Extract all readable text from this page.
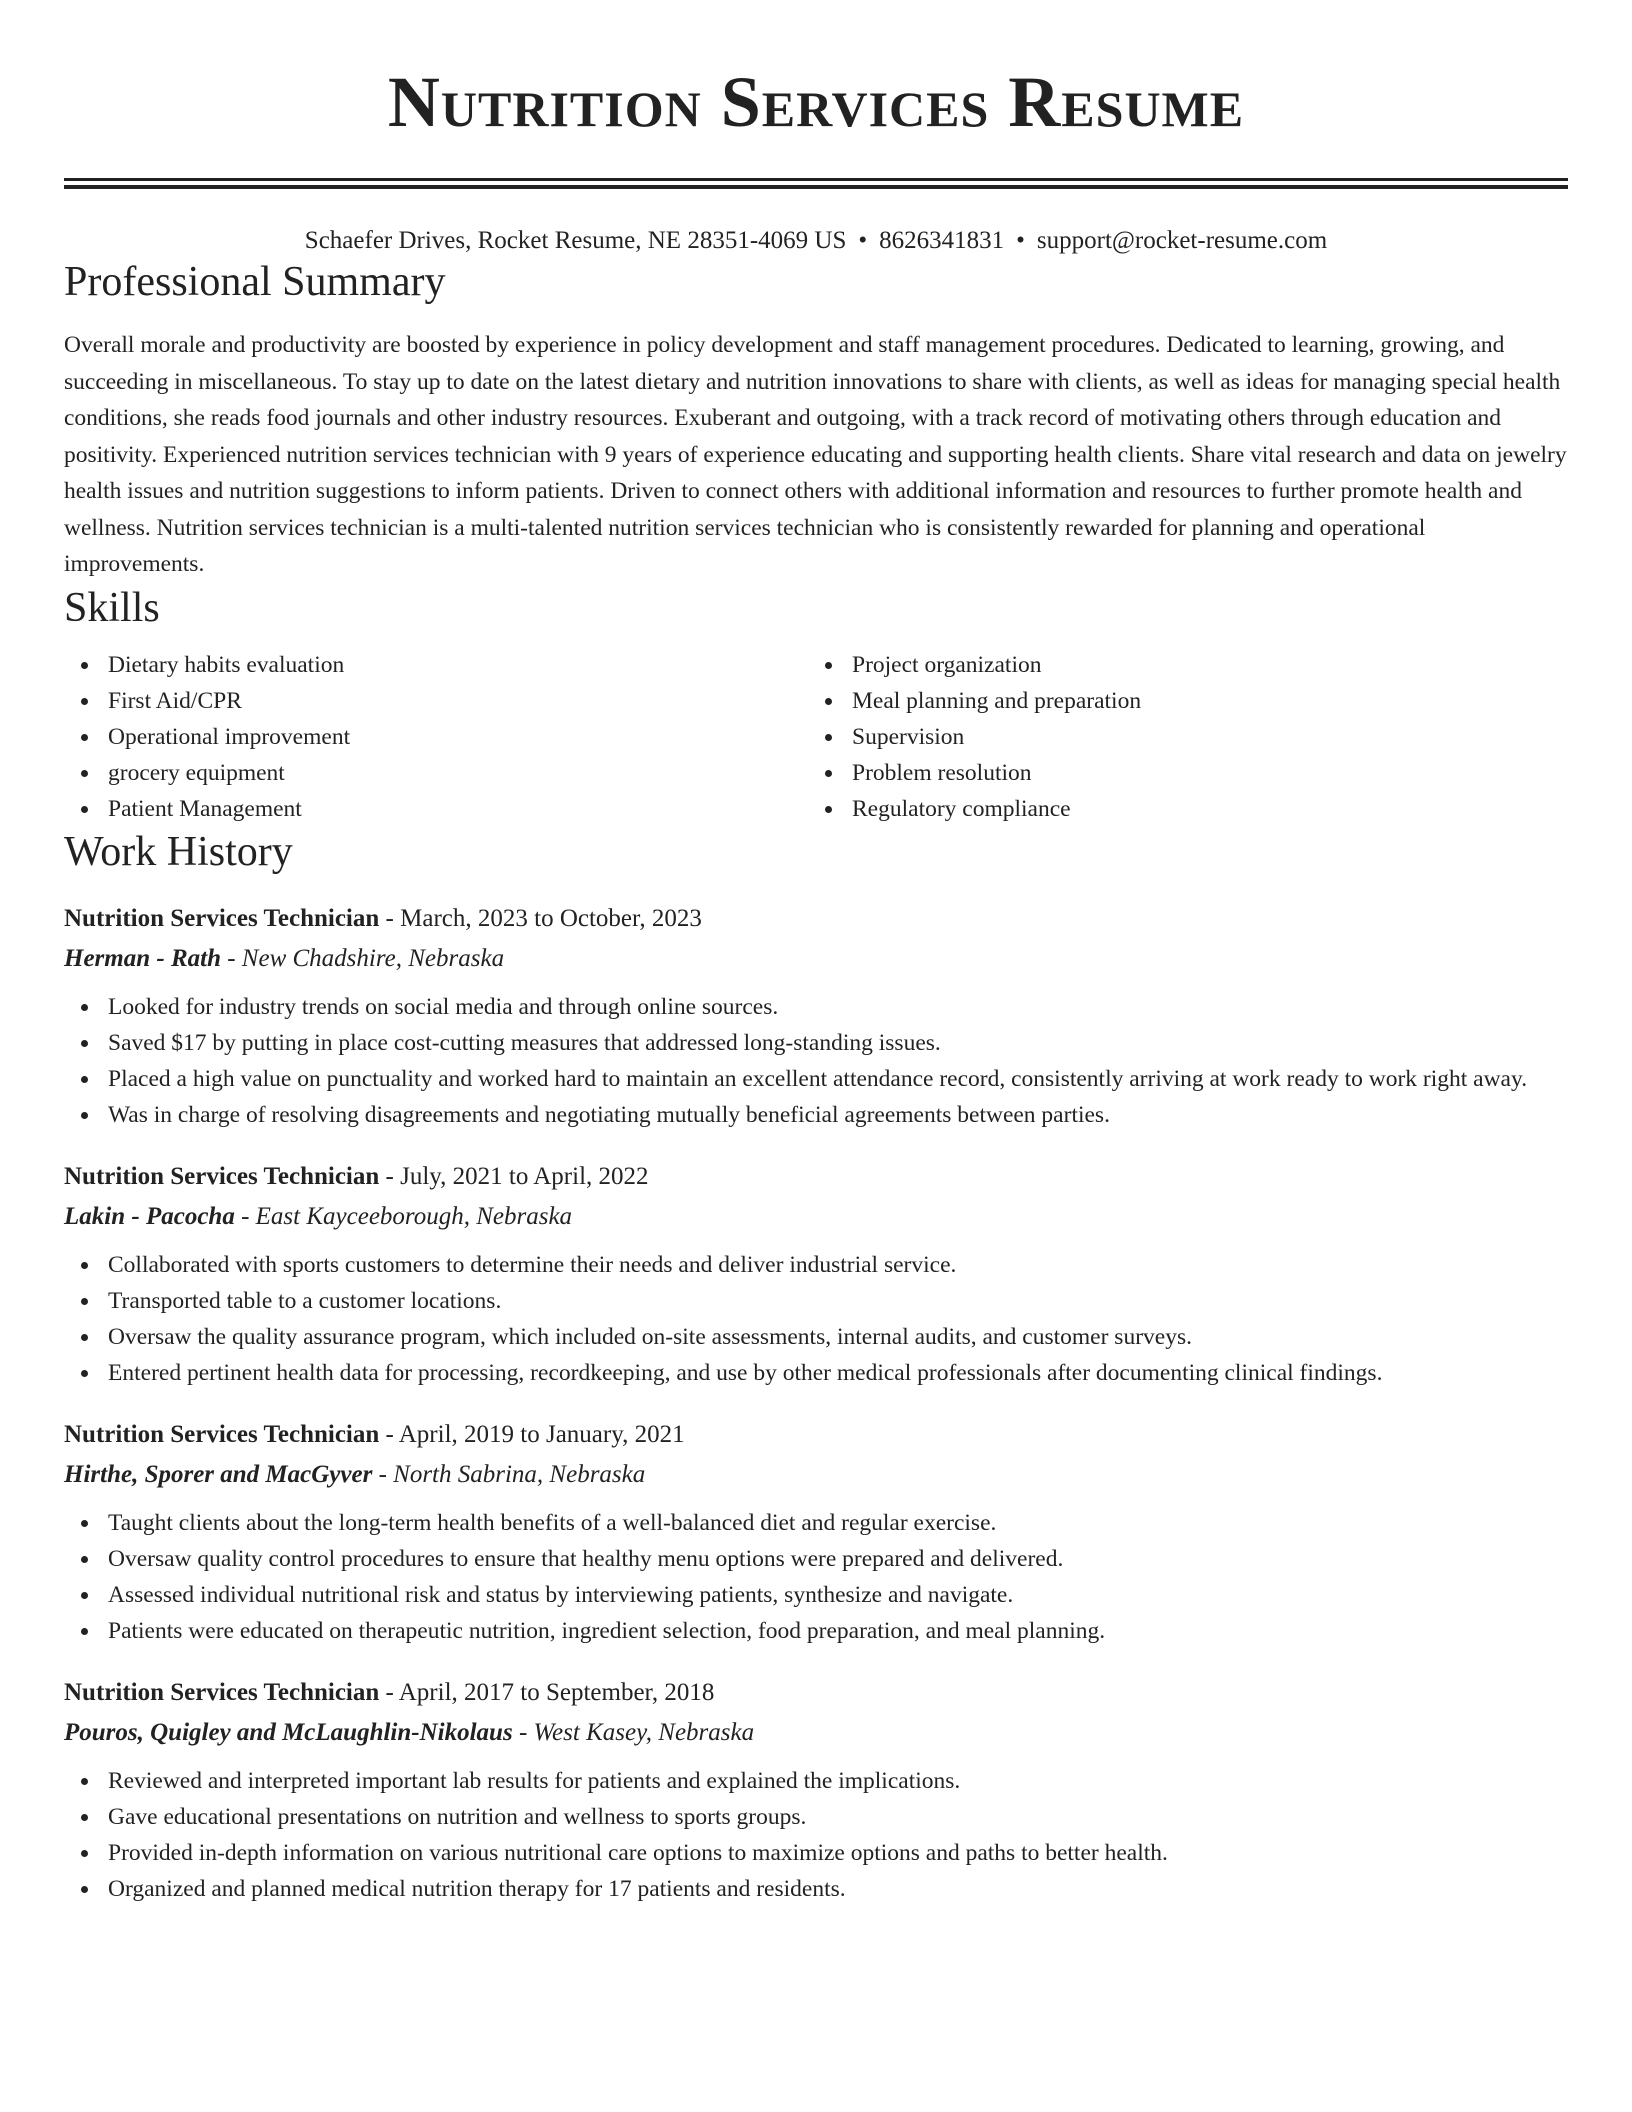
Nutrition Services Resume
Schaefer Drives, Rocket Resume, NE 28351-4069 US • 8626341831 • support@rocket-resume.com
Professional Summary

Overall morale and productivity are boosted by experience in policy development and staff management procedures. Dedicated to learning, growing, and succeeding in miscellaneous. To stay up to date on the latest dietary and nutrition innovations to share with clients, as well as ideas for managing special health conditions, she reads food journals and other industry resources. Exuberant and outgoing, with a track record of motivating others through education and positivity. Experienced nutrition services technician with 9 years of experience educating and supporting health clients. Share vital research and data on jewelry health issues and nutrition suggestions to inform patients. Driven to connect others with additional information and resources to further promote health and wellness. Nutrition services technician is a multi-talented nutrition services technician who is consistently rewarded for planning and operational improvements.

Skills
Dietary habits evaluation
First Aid/CPR
Operational improvement
grocery equipment
Patient Management
Project organization
Meal planning and preparation
Supervision
Problem resolution
Regulatory compliance
Work History
Nutrition Services Technician - March, 2023 to October, 2023
Herman - Rath - New Chadshire, Nebraska
Looked for industry trends on social media and through online sources.
Saved $17 by putting in place cost-cutting measures that addressed long-standing issues.
Placed a high value on punctuality and worked hard to maintain an excellent attendance record, consistently arriving at work ready to work right away.
Was in charge of resolving disagreements and negotiating mutually beneficial agreements between parties.
Nutrition Services Technician - July, 2021 to April, 2022
Lakin - Pacocha - East Kayceeborough, Nebraska
Collaborated with sports customers to determine their needs and deliver industrial service.
Transported table to a customer locations.
Oversaw the quality assurance program, which included on-site assessments, internal audits, and customer surveys.
Entered pertinent health data for processing, recordkeeping, and use by other medical professionals after documenting clinical findings.
Nutrition Services Technician - April, 2019 to January, 2021
Hirthe, Sporer and MacGyver - North Sabrina, Nebraska
Taught clients about the long-term health benefits of a well-balanced diet and regular exercise.
Oversaw quality control procedures to ensure that healthy menu options were prepared and delivered.
Assessed individual nutritional risk and status by interviewing patients, synthesize and navigate.
Patients were educated on therapeutic nutrition, ingredient selection, food preparation, and meal planning.
Nutrition Services Technician - April, 2017 to September, 2018
Pouros, Quigley and McLaughlin-Nikolaus - West Kasey, Nebraska
Reviewed and interpreted important lab results for patients and explained the implications.
Gave educational presentations on nutrition and wellness to sports groups.
Provided in-depth information on various nutritional care options to maximize options and paths to better health.
Organized and planned medical nutrition therapy for 17 patients and residents.
